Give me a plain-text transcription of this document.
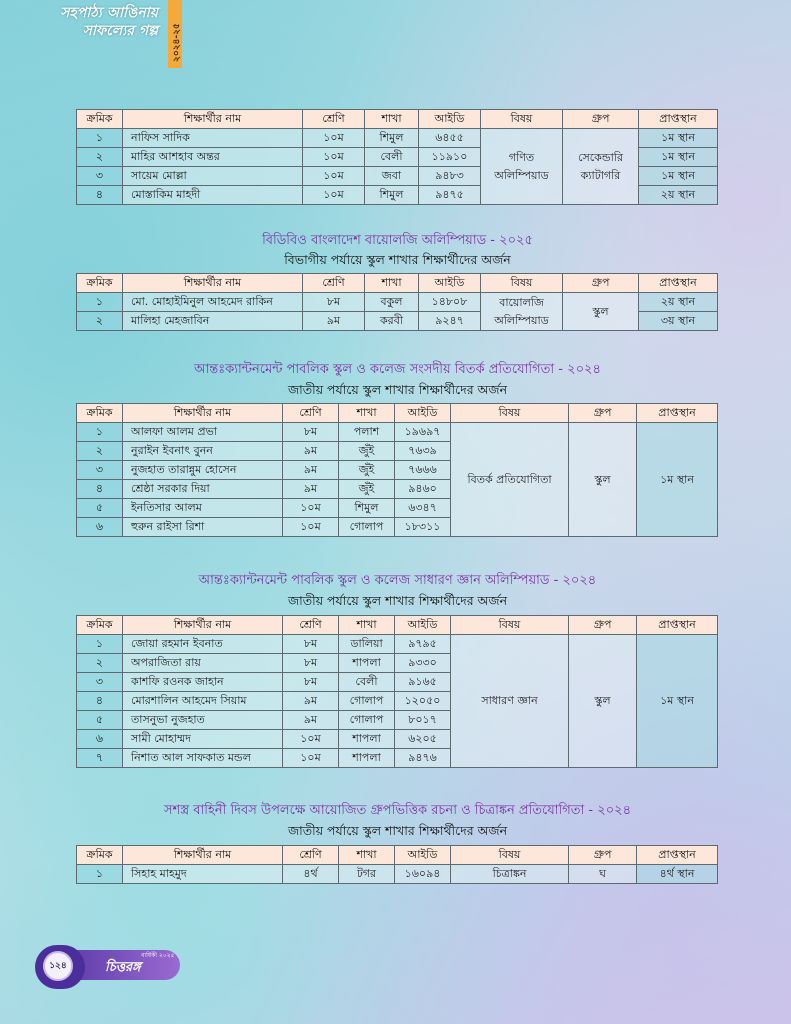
সহপাঠ্য আঙিনায়
সাফল্যের গল্প	২০২৪-২৫
ক্রমিক	শিক্ষার্থীর নাম	শ্রেণি	শাখা	আইডি	বিষয়	গ্রুপ	প্রাপ্তস্থান
১	নাফিস সাদিক	১০ম	শিমুল	৬৪৫৫	গণিত অলিম্পিয়াড	সেকেন্ডারি ক্যাটাগরি	১ম স্থান
২	মাহির আশহাব অন্তর	১০ম	বেলী	১১৯১০			১ম স্থান
৩	সায়েম মোল্লা	১০ম	জবা	৯৪৮৩			১ম স্থান
৪	মোস্তাকিম মাহদী	১০ম	শিমুল	৯৪৭৫			২য় স্থান
বিডিবিও বাংলাদেশ বায়োলজি অলিম্পিয়াড - ২০২৫
বিভাগীয় পর্যায়ে স্কুল শাখার শিক্ষার্থীদের অর্জন
ক্রমিক	শিক্ষার্থীর নাম	শ্রেণি	শাখা	আইডি	বিষয়	গ্রুপ	প্রাপ্তস্থান
১	মো. মোহাইমিনুল আহমেদ রাকিন	৮ম	বকুল	১৪৮০৮	বায়োলজি অলিম্পিয়াড	স্কুল	২য় স্থান
২	মালিহা মেহজাবিন	৯ম	করবী	৯২৪৭			৩য় স্থান
আন্তঃক্যান্টনমেন্ট পাবলিক স্কুল ও কলেজ সংসদীয় বিতর্ক প্রতিযোগিতা - ২০২৪
জাতীয় পর্যায়ে স্কুল শাখার শিক্ষার্থীদের অর্জন
ক্রমিক	শিক্ষার্থীর নাম	শ্রেণি	শাখা	আইডি	বিষয়	গ্রুপ	প্রাপ্তস্থান
১	আলফা আলম প্রভা	৮ম	পলাশ	১৯৬৯৭	বিতর্ক প্রতিযোগিতা	স্কুল	১ম স্থান
২	নুরাইন ইবনাৎ বুনন	৯ম	জুঁই	৭৬৩৯			
৩	নুজহাত তারান্নুম হোসেন	৯ম	জুঁই	৭৬৬৬			
৪	শ্রেষ্ঠা সরকার দিয়া	৯ম	জুঁই	৯৪৬০			
৫	ইনতিসার আলম	১০ম	শিমুল	৬৩৪৭			
৬	হুরুন রাইসা রিশা	১০ম	গোলাপ	১৮৩১১			
আন্তঃক্যান্টনমেন্ট পাবলিক স্কুল ও কলেজ সাধারণ জ্ঞান অলিম্পিয়াড - ২০২৪
জাতীয় পর্যায়ে স্কুল শাখার শিক্ষার্থীদের অর্জন
ক্রমিক	শিক্ষার্থীর নাম	শ্রেণি	শাখা	আইডি	বিষয়	গ্রুপ	প্রাপ্তস্থান
১	জোয়া রহমান ইবনাত	৮ম	ডালিয়া	৯৭৯৫	সাধারণ জ্ঞান	স্কুল	১ম স্থান
২	অপরাজিতা রায়	৮ম	শাপলা	৯৩৩০			
৩	কাশফি রওনক জাহান	৮ম	বেলী	৯১৬৫			
৪	মোরশালিন আহমেদ সিয়াম	৯ম	গোলাপ	১২০৫০			
৫	তাসনুভা নুজহাত	৯ম	গোলাপ	৮০১৭			
৬	সামী মোহাম্মদ	১০ম	শাপলা	৬২০৫			
৭	নিশাত আল সাফকাত মন্ডল	১০ম	শাপলা	৯৪৭৬			
সশস্ত্র বাহিনী দিবস উপলক্ষে আয়োজিত গ্রুপভিত্তিক রচনা ও চিত্রাঙ্কন প্রতিযোগিতা - ২০২৪
জাতীয় পর্যায়ে স্কুল শাখার শিক্ষার্থীদের অর্জন
ক্রমিক	শিক্ষার্থীর নাম	শ্রেণি	শাখা	আইডি	বিষয়	গ্রুপ	প্রাপ্তস্থান
১	সিহাহ মাহমুদ	৪র্থ	টগর	১৬০৯৪	চিত্রাঙ্কন	ঘ	৪র্থ স্থান
১২৪
বার্ষিকী ২০২৫
চিত্তরঙ্গ
